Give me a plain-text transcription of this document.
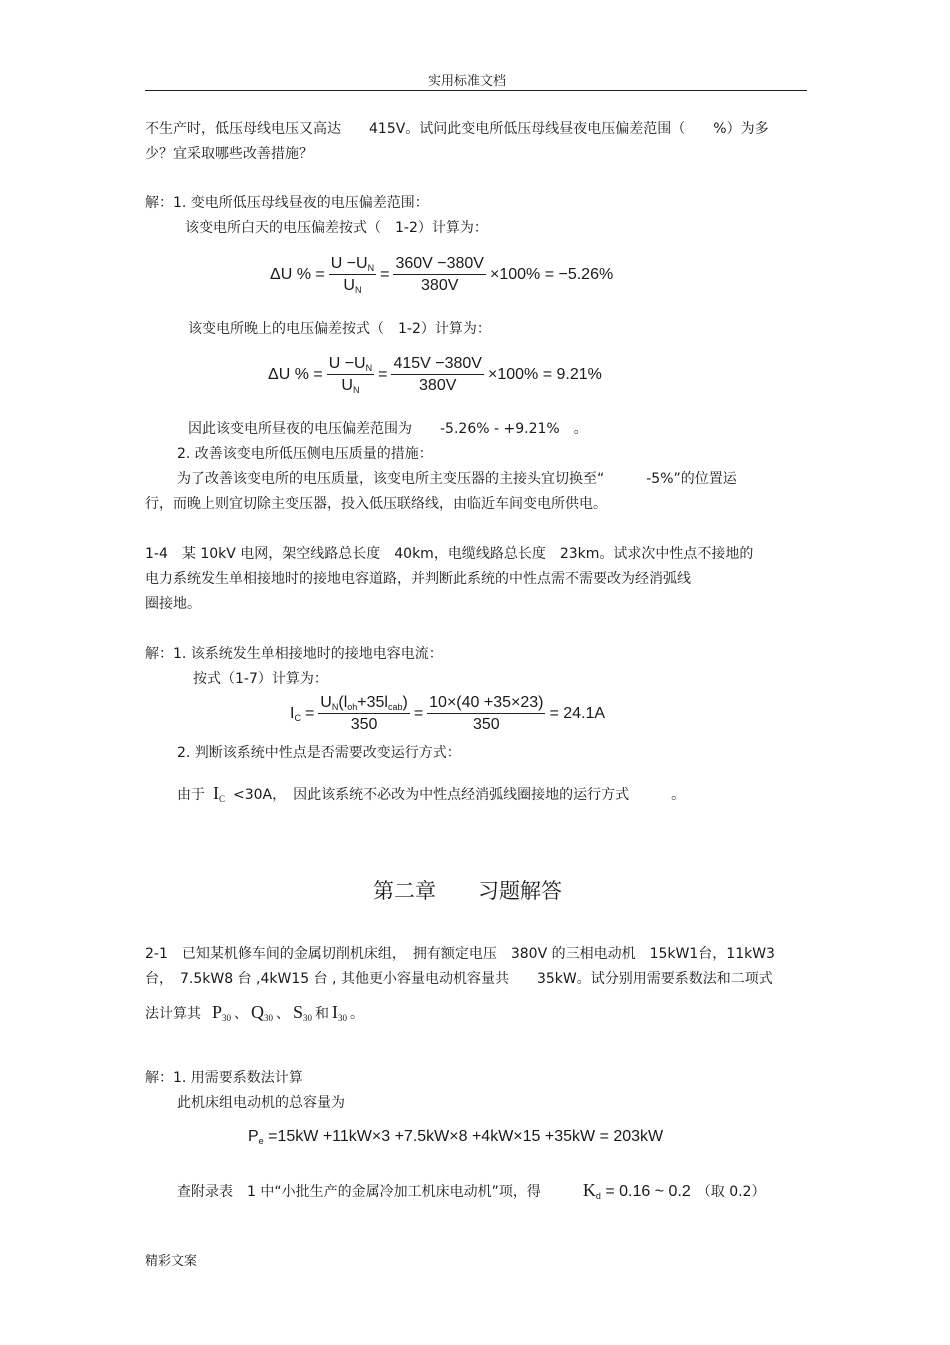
实用标准文档
不生产时，低压母线电压又高达　　415V。试问此变电所低压母线昼夜电压偏差范围（　　%）为多
少？宜采取哪些改善措施？
解：1. 变电所低压母线昼夜的电压偏差范围：
该变电所白天的电压偏差按式（　1-2）计算为：
ΔU % = $\frac{U -U_N}{U_N} = \frac{360V -380V}{380V} \times 100\% = -5.26\%$
该变电所晚上的电压偏差按式（　1-2）计算为：
ΔU % = $\frac{U -U_N}{U_N} = \frac{415V -380V}{380V} \times 100\% = 9.21\%$
因此该变电所昼夜的电压偏差范围为　　-5.26% - +9.21%　。
2. 改善该变电所低压侧电压质量的措施：
为了改善该变电所的电压质量，该变电所主变压器的主接头宜切换至“　　　-5%”的位置运
行，而晚上则宜切除主变压器，投入低压联络线，由临近车间变电所供电。
1-4　某 10kV 电网，架空线路总长度　40km，电缆线路总长度　23km。试求次中性点不接地的
电力系统发生单相接地时的接地电容道路，并判断此系统的中性点需不需要改为经消弧线
圈接地。
解：1. 该系统发生单相接地时的接地电容电流：
按式（1-7）计算为：
$I_C = \frac{U_N(l_{oh}+35l_{cab})}{350} = \frac{10\times(40 +35\times 23)}{350} = 24.1A$
2. 判断该系统中性点是否需要改变运行方式：
由于 $I_C <30A$，　因此该系统不必改为中性点经消弧线圈接地的运行方式　　　。
第二章　　习题解答
2-1　已知某机修车间的金属切削机床组，　拥有额定电压　380V 的三相电动机　15kW1台，11kW3
台，　7.5kW8 台 ,4kW15 台 , 其他更小容量电动机容量共　　35kW。试分别用需要系数法和二项式
法计算其 $P_{30}$ 、 $Q_{30}$ 、 $S_{30}$ 和 $I_{30}$ 。
解：1. 用需要系数法计算
此机床组电动机的总容量为
$P_e =15kW +11kW\times 3 +7.5kW\times 8 +4kW\times 15 +35kW = 203kW$
查附录表　1 中“小批生产的金属冷加工机床电动机”项，得 $K_d = 0.16$ ~ 0.2 （取 0.2）
精彩文案
